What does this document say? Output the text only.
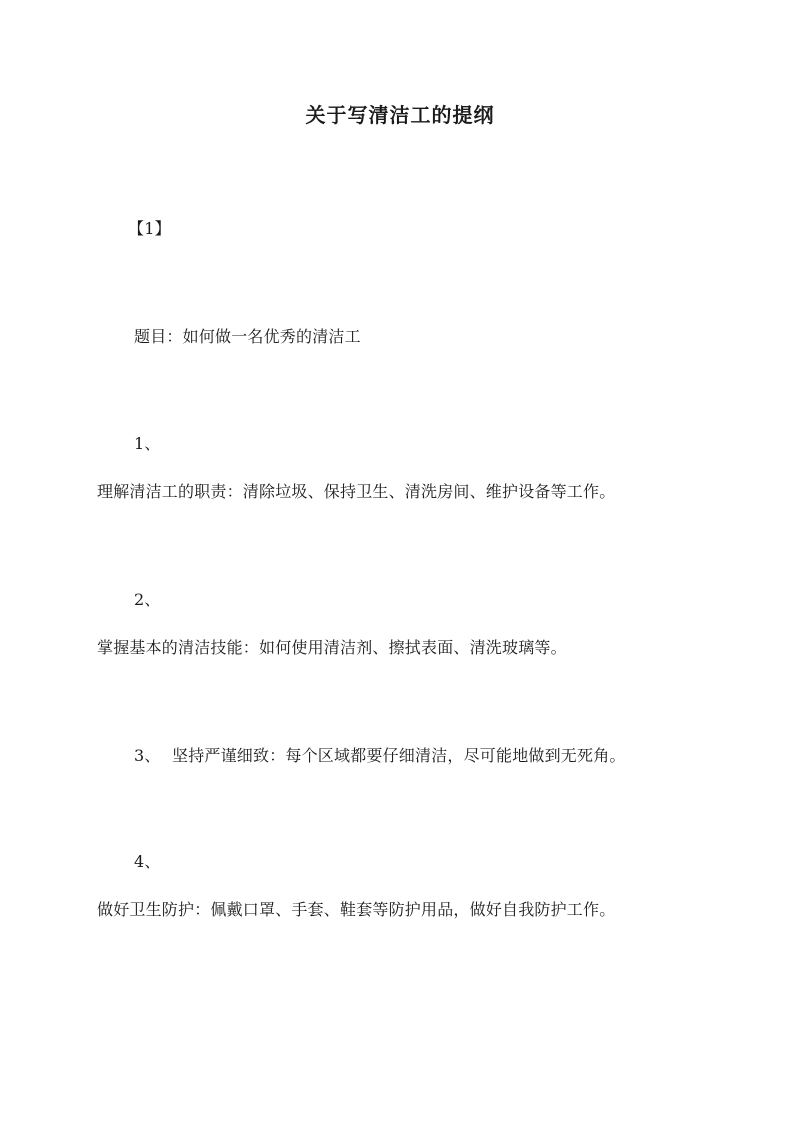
关于写清洁工的提纲
【1】
题目：如何做一名优秀的清洁工
1、
理解清洁工的职责：清除垃圾、保持卫生、清洗房间、维护设备等工作。
2、
掌握基本的清洁技能：如何使用清洁剂、擦拭表面、清洗玻璃等。
3、 坚持严谨细致：每个区域都要仔细清洁，尽可能地做到无死角。
4、
做好卫生防护：佩戴口罩、手套、鞋套等防护用品，做好自我防护工作。
